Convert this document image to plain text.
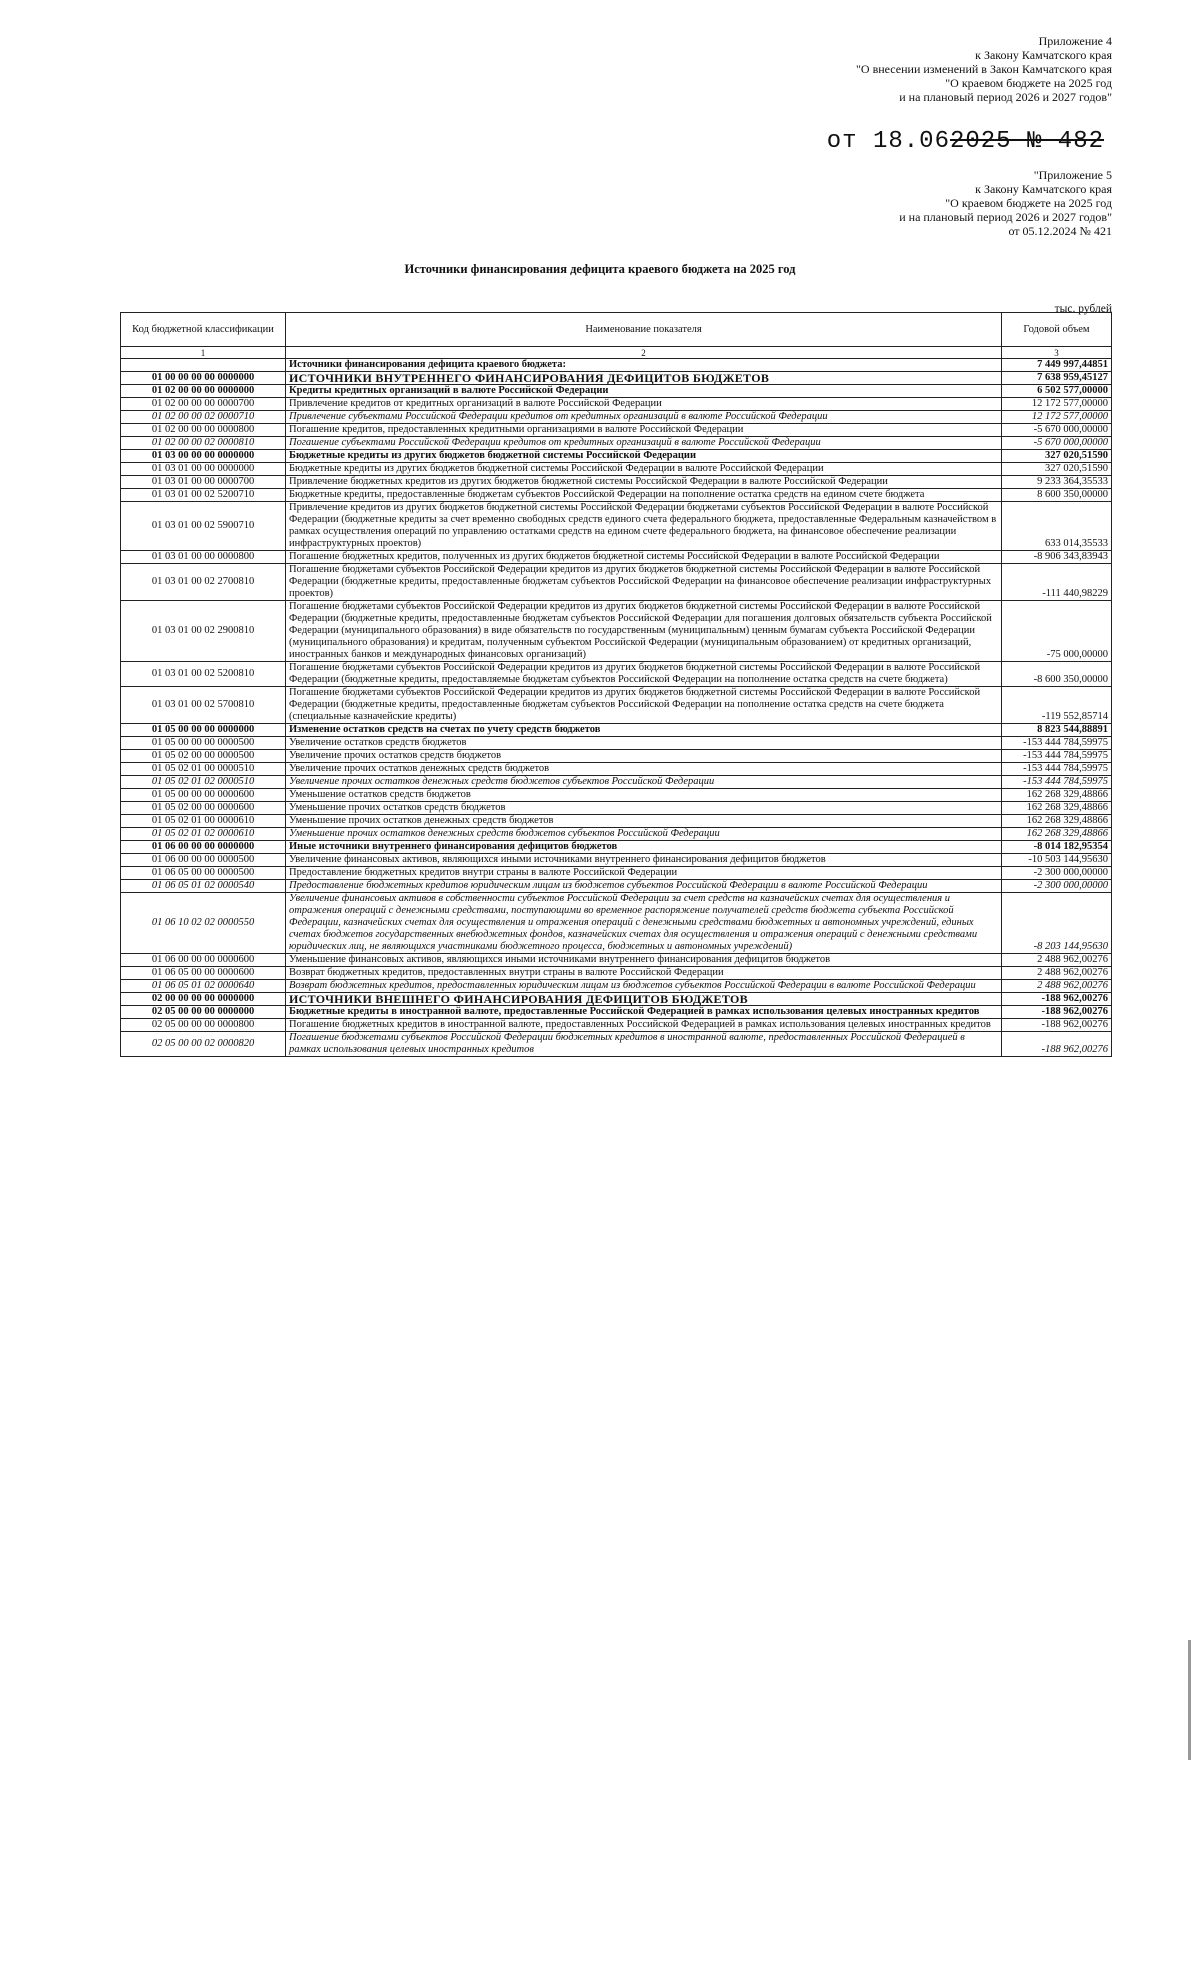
Приложение 4
к Закону Камчатского края
"О внесении изменений в Закон Камчатского края
"О краевом бюджете на 2025 год
и на плановый период 2026 и 2027 годов"
от 18.062025 № 482
"Приложение 5
к Закону Камчатского края
"О краевом бюджете на 2025 год
и на плановый период 2026 и 2027 годов"
от 05.12.2024 № 421
Источники финансирования дефицита краевого бюджета на 2025 год
тыс. рублей
Код бюджетной классификации	Наименование показателя	Годовой объем
1	2	3
	Источники финансирования дефицита краевого бюджета:	7 449 997,44851
01 00 00 00 00 0000000	ИСТОЧНИКИ ВНУТРЕННЕГО ФИНАНСИРОВАНИЯ ДЕФИЦИТОВ БЮДЖЕТОВ	7 638 959,45127
01 02 00 00 00 0000000	Кредиты кредитных организаций в валюте Российской Федерации	6 502 577,00000
01 02 00 00 00 0000700	Привлечение кредитов от кредитных организаций в валюте Российской Федерации	12 172 577,00000
01 02 00 00 02 0000710	Привлечение субъектами Российской Федерации кредитов от кредитных организаций в валюте Российской Федерации	12 172 577,00000
01 02 00 00 00 0000800	Погашение кредитов, предоставленных кредитными организациями в валюте Российской Федерации	-5 670 000,00000
01 02 00 00 02 0000810	Погашение субъектами Российской Федерации кредитов от кредитных организаций в валюте Российской Федерации	-5 670 000,00000
01 03 00 00 00 0000000	Бюджетные кредиты из других бюджетов бюджетной системы Российской Федерации	327 020,51590
01 03 01 00 00 0000000	Бюджетные кредиты из других бюджетов бюджетной системы Российской Федерации в валюте Российской Федерации	327 020,51590
01 03 01 00 00 0000700	Привлечение бюджетных кредитов из других бюджетов бюджетной системы Российской Федерации в валюте Российской Федерации	9 233 364,35533
01 03 01 00 02 5200710	Бюджетные кредиты, предоставленные бюджетам субъектов Российской Федерации на пополнение остатка средств на едином счете бюджета	8 600 350,00000
01 03 01 00 02 5900710	Привлечение кредитов из других бюджетов бюджетной системы Российской Федерации бюджетами субъектов Российской Федерации в валюте Российской Федерации (бюджетные кредиты за счет временно свободных средств единого счета федерального бюджета, предоставленные Федеральным казначейством в рамках осуществления операций по управлению остатками средств на едином счете федерального бюджета, на финансовое обеспечение реализации инфраструктурных проектов)	633 014,35533
01 03 01 00 00 0000800	Погашение бюджетных кредитов, полученных из других бюджетов бюджетной системы Российской Федерации в валюте Российской Федерации	-8 906 343,83943
01 03 01 00 02 2700810	Погашение бюджетами субъектов Российской Федерации кредитов из других бюджетов бюджетной системы Российской Федерации в валюте Российской Федерации (бюджетные кредиты, предоставленные бюджетам субъектов Российской Федерации на финансовое обеспечение реализации инфраструктурных проектов)	-111 440,98229
01 03 01 00 02 2900810	Погашение бюджетами субъектов Российской Федерации кредитов из других бюджетов бюджетной системы Российской Федерации в валюте Российской Федерации (бюджетные кредиты, предоставленные бюджетам субъектов Российской Федерации для погашения долговых обязательств субъекта Российской Федерации (муниципального образования) в виде обязательств по государственным (муниципальным) ценным бумагам субъекта Российской Федерации (муниципального образования) и кредитам, полученным субъектом Российской Федерации (муниципальным образованием) от кредитных организаций, иностранных банков и международных финансовых организаций)	-75 000,00000
01 03 01 00 02 5200810	Погашение бюджетами субъектов Российской Федерации кредитов из других бюджетов бюджетной системы Российской Федерации в валюте Российской Федерации (бюджетные кредиты, предоставляемые бюджетам субъектов Российской Федерации на пополнение остатка средств на счете бюджета)	-8 600 350,00000
01 03 01 00 02 5700810	Погашение бюджетами субъектов Российской Федерации кредитов из других бюджетов бюджетной системы Российской Федерации в валюте Российской Федерации (бюджетные кредиты, предоставленные бюджетам субъектов Российской Федерации на пополнение остатка средств на счете бюджета (специальные казначейские кредиты)	-119 552,85714
01 05 00 00 00 0000000	Изменение остатков средств на счетах по учету средств бюджетов	8 823 544,88891
01 05 00 00 00 0000500	Увеличение остатков средств бюджетов	-153 444 784,59975
01 05 02 00 00 0000500	Увеличение прочих остатков средств бюджетов	-153 444 784,59975
01 05 02 01 00 0000510	Увеличение прочих остатков денежных средств бюджетов	-153 444 784,59975
01 05 02 01 02 0000510	Увеличение прочих остатков денежных средств бюджетов субъектов Российской Федерации	-153 444 784,59975
01 05 00 00 00 0000600	Уменьшение остатков средств бюджетов	162 268 329,48866
01 05 02 00 00 0000600	Уменьшение прочих остатков средств бюджетов	162 268 329,48866
01 05 02 01 00 0000610	Уменьшение прочих остатков денежных средств бюджетов	162 268 329,48866
01 05 02 01 02 0000610	Уменьшение прочих остатков денежных средств бюджетов субъектов Российской Федерации	162 268 329,48866
01 06 00 00 00 0000000	Иные источники внутреннего финансирования дефицитов бюджетов	-8 014 182,95354
01 06 00 00 00 0000500	Увеличение финансовых активов, являющихся иными источниками внутреннего финансирования дефицитов бюджетов	-10 503 144,95630
01 06 05 00 00 0000500	Предоставление бюджетных кредитов внутри страны в валюте Российской Федерации	-2 300 000,00000
01 06 05 01 02 0000540	Предоставление бюджетных кредитов юридическим лицам из бюджетов субъектов Российской Федерации в валюте Российской Федерации	-2 300 000,00000
01 06 10 02 02 0000550	Увеличение финансовых активов в собственности субъектов Российской Федерации за счет средств на казначейских счетах для осуществления и отражения операций с денежными средствами, поступающими во временное распоряжение получателей средств бюджета субъекта Российской Федерации, казначейских счетах для осуществления и отражения операций с денежными средствами бюджетных и автономных учреждений, единых счетах бюджетов государственных внебюджетных фондов, казначейских счетах для осуществления и отражения операций с денежными средствами юридических лиц, не являющихся участниками бюджетного процесса, бюджетных и автономных учреждений)	-8 203 144,95630
01 06 00 00 00 0000600	Уменьшение финансовых активов, являющихся иными источниками внутреннего финансирования дефицитов бюджетов	2 488 962,00276
01 06 05 00 00 0000600	Возврат бюджетных кредитов, предоставленных внутри страны в валюте Российской Федерации	2 488 962,00276
01 06 05 01 02 0000640	Возврат бюджетных кредитов, предоставленных юридическим лицам из бюджетов субъектов Российской Федерации в валюте Российской Федерации	2 488 962,00276
02 00 00 00 00 0000000	ИСТОЧНИКИ ВНЕШНЕГО ФИНАНСИРОВАНИЯ ДЕФИЦИТОВ БЮДЖЕТОВ	-188 962,00276
02 05 00 00 00 0000000	Бюджетные кредиты в иностранной валюте, предоставленные Российской Федерацией в рамках использования целевых иностранных кредитов	-188 962,00276
02 05 00 00 00 0000800	Погашение бюджетных кредитов в иностранной валюте, предоставленных Российской Федерацией в рамках использования целевых иностранных кредитов	-188 962,00276
02 05 00 00 02 0000820	Погашение бюджетами субъектов Российской Федерации бюджетных кредитов в иностранной валюте, предоставленных Российской Федерацией в рамках использования целевых иностранных кредитов	-188 962,00276
